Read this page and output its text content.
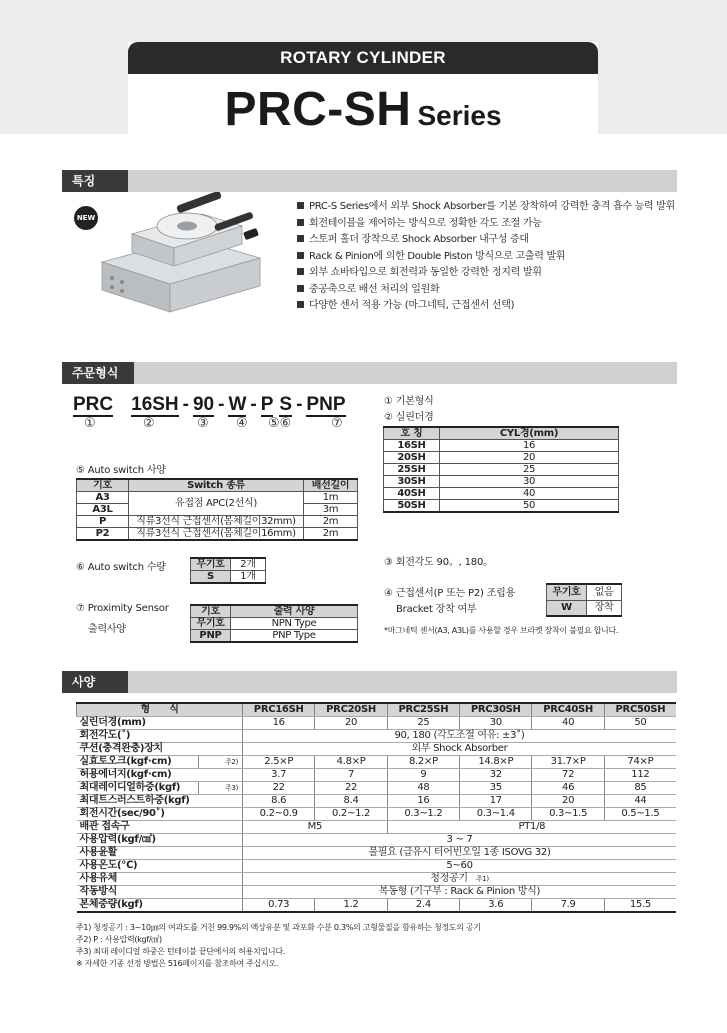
ROTARY CYLINDER
PRC-SH Series
특징
NEW
PRC-S Series에서 외부 Shock Absorber를 기본 장착하여 강력한 충격 흡수 능력 발휘
회전테이블을 제어하는 방식으로 정확한 각도 조절 가능
스토퍼 홀더 장착으로 Shock Absorber 내구성 증대
Rack & Pinion에 의한 Double Piston 방식으로 고출력 발휘
외부 쇼바타입으로 회전력과 동일한 강력한 정지력 발휘
중공축으로 배선 처리의 일원화
다양한 센서 적용 가능 (마그네틱, 근접센서 선택)
주문형식
PRC 16SH - 90 - W - P S - PNP
①	②	③ ④ ⑤⑥	⑦
① 기본형식
② 실린더경
호 칭	CYL경(mm)
16SH	16
20SH	20
25SH	25
30SH	30
40SH	40
50SH	50
⑤ Auto switch 사양
기호	Switch 종류	배선길이
A3	유접점 APC(2선식)	1m
A3L		3m
P	직류3선식 근접센서(몸체길이32mm)	2m
P2	직류3선식 근접센서(몸체길이16mm)	2m
⑥ Auto switch 수량	무기호	2개
S	1개
⑦ Proximity Sensor
출력사양
기호	출력 사양
무기호	NPN Type
PNP	PNP Type
③ 회전각도 90。, 180。
④ 근접센서(P 또는 P2) 조립용
Bracket 장착 여부
무기호	없음
W	장착
*마그네틱 센서(A3, A3L)를 사용할 경우 브라켓 장착이 불필요 합니다.
사양
형　　식		PRC16SH	PRC20SH	PRC25SH	PRC30SH	PRC40SH	PRC50SH
실린더경(mm)		16	20	25	30	40	50
회전각도(˚)		90, 180 (각도조절 여유: ±3˚)					
쿠션(충격완충)장치		외부 Shock Absorber					
실효토오크(kgf·cm)	주2)	2.5×P	4.8×P	8.2×P	14.8×P	31.7×P	74×P
허용에너지(kgf·cm)		3.7	7	9	32	72	112
최대레이디얼하중(kgf)	주3)	22	22	48	35	46	85
최대트스러스트하중(kgf)		8.6	8.4	16	17	20	44
회전시간(sec/90˚)		0.2~0.9	0.2~1.2	0.3~1.2	0.3~1.4	0.3~1.5	0.5~1.5
배관 접속구		M5		PT1/8			
사용압력(kgf/㎠)		3 ~ 7					
사용윤활		불필요 (급유시 터어빈오일 1종 ISOVG 32)					
사용온도(℃)		5~60					
사용유체		청정공기 주1)					
작동방식		복동형 (기구부 : Rack & Pinion 방식)					
본체중량(kgf)		0.73	1.2	2.4	3.6	7.9	15.5
주1) 청정공기 : 3~10㎛의 여과도를 거친 99.9%의 액상유분 및 과포화 수분 0.3%의 고형물질을 함유하는 청정도의 공기
주2) P : 사용압력(kgf/㎠)
주3) 최대 레이디얼 하중은 턴테이블 끝단에서의 허용치입니다.
※ 자세한 기종 선정 방법은 516페이지를 참조하여 주십시오.
